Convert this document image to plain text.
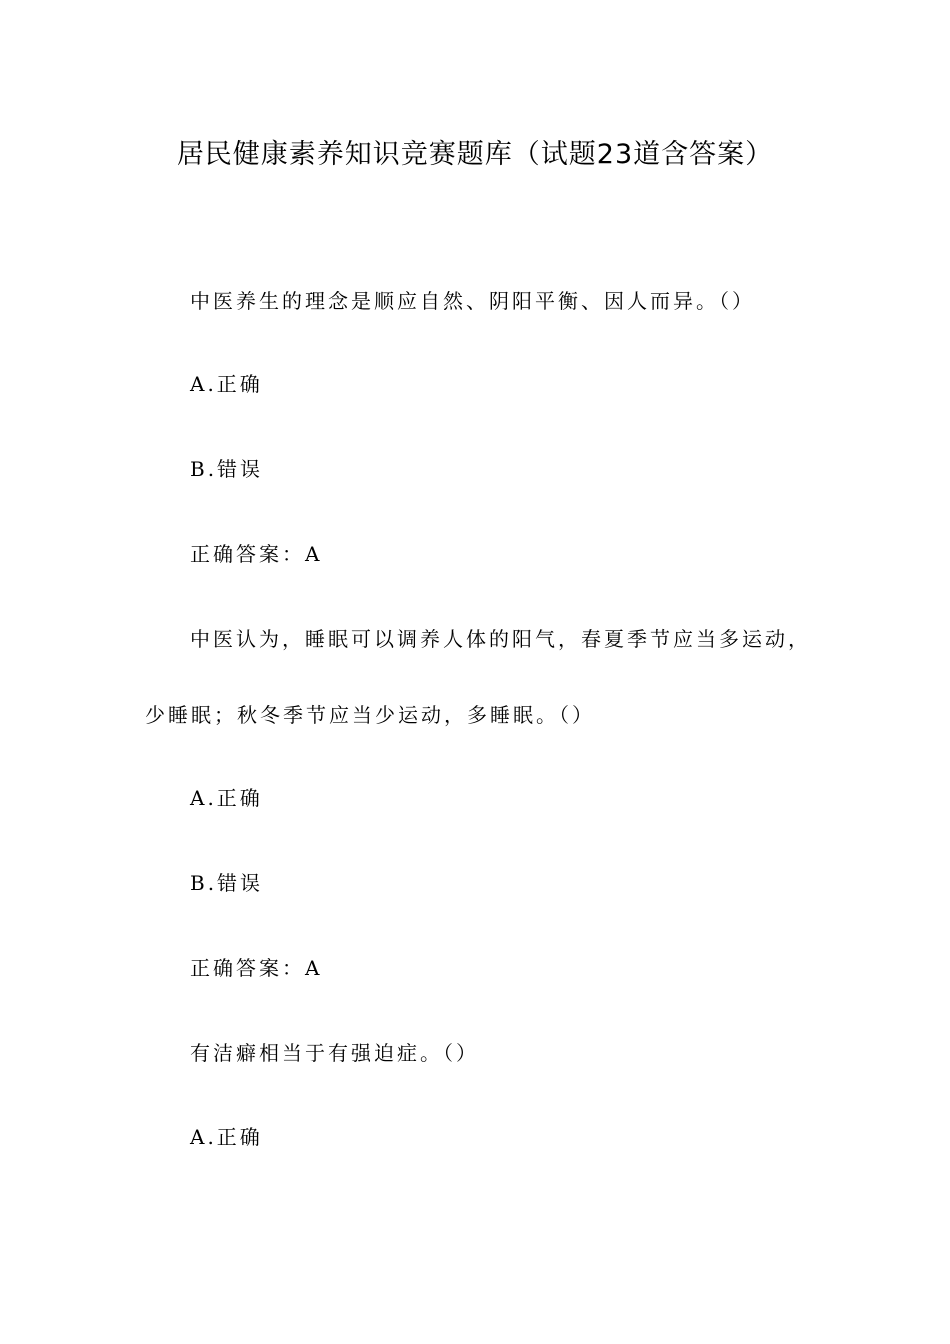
居民健康素养知识竞赛题库（试题23道含答案）
中医养生的理念是顺应自然、阴阳平衡、因人而异。（）
A.正确
B.错误
正确答案：A
中医认为，睡眠可以调养人体的阳气，春夏季节应当多运动，
少睡眠；秋冬季节应当少运动，多睡眠。（）
A.正确
B.错误
正确答案：A
有洁癖相当于有强迫症。（）
A.正确
